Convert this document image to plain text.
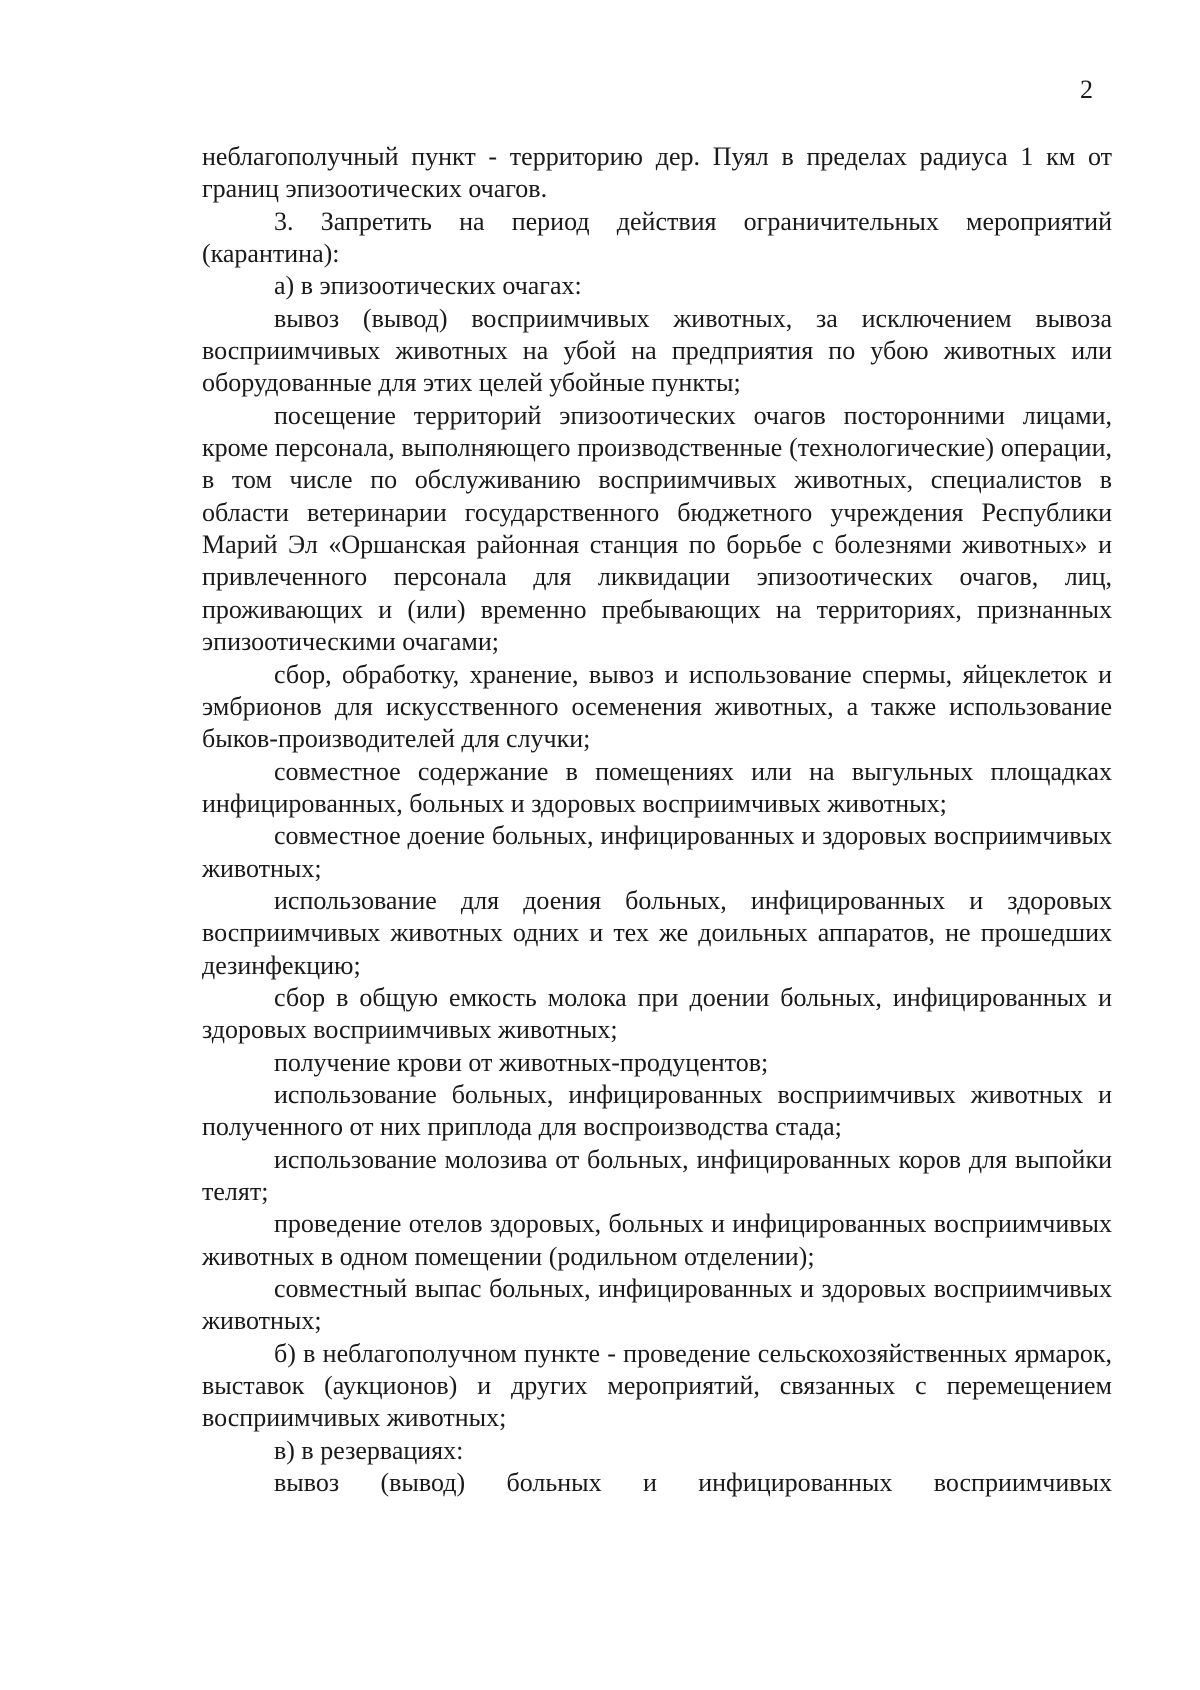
2

неблагополучный пункт - территорию дер. Пуял в пределах радиуса 1 км от границ эпизоотических очагов.

3. Запретить на период действия ограничительных мероприятий (карантина):

а) в эпизоотических очагах:

вывоз (вывод) восприимчивых животных, за исключением вывоза восприимчивых животных на убой на предприятия по убою животных или оборудованные для этих целей убойные пункты;

посещение территорий эпизоотических очагов посторонними лицами, кроме персонала, выполняющего производственные (технологические) операции, в том числе по обслуживанию восприимчивых животных, специалистов в области ветеринарии государственного бюджетного учреждения Республики Марий Эл «Оршанская районная станция по борьбе с болезнями животных» и привлеченного персонала для ликвидации эпизоотических очагов, лиц, проживающих и (или) временно пребывающих на территориях, признанных эпизоотическими очагами;

сбор, обработку, хранение, вывоз и использование спермы, яйцеклеток и эмбрионов для искусственного осеменения животных, а также использование быков-производителей для случки;

совместное содержание в помещениях или на выгульных площадках инфицированных, больных и здоровых восприимчивых животных;

совместное доение больных, инфицированных и здоровых восприимчивых животных;

использование для доения больных, инфицированных и здоровых восприимчивых животных одних и тех же доильных аппаратов, не прошедших дезинфекцию;

сбор в общую емкость молока при доении больных, инфицированных и здоровых восприимчивых животных;

получение крови от животных-продуцентов;

использование больных, инфицированных восприимчивых животных и полученного от них приплода для воспроизводства стада;

использование молозива от больных, инфицированных коров для выпойки телят;

проведение отелов здоровых, больных и инфицированных восприимчивых животных в одном помещении (родильном отделении);

совместный выпас больных, инфицированных и здоровых восприимчивых животных;

б) в неблагополучном пункте - проведение сельскохозяйственных ярмарок, выставок (аукционов) и других мероприятий, связанных с перемещением восприимчивых животных;

в) в резервациях:

вывоз (вывод) больных и инфицированных восприимчивых
